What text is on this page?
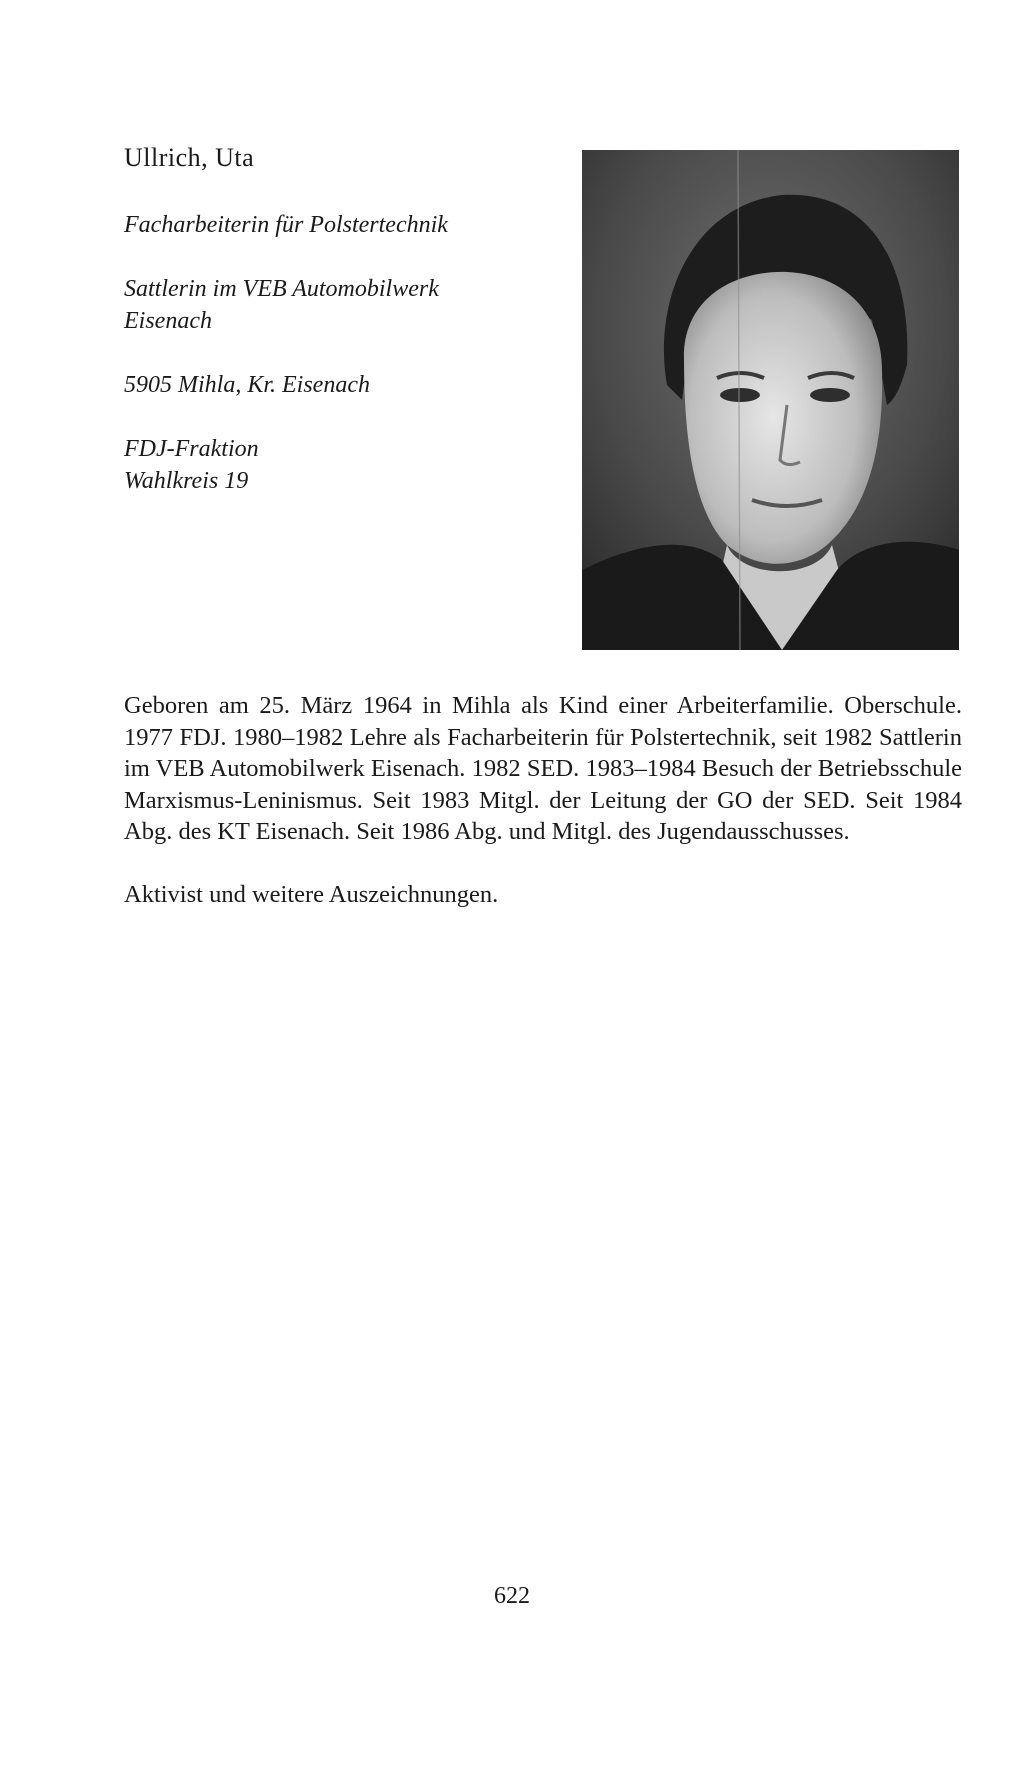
Ullrich, Uta

Facharbeiterin für Polstertechnik

Sattlerin im VEB Automobilwerk
Eisenach

5905 Mihla, Kr. Eisenach

FDJ-Fraktion
Wahlkreis 19

Geboren am 25. März 1964 in Mihla als Kind einer Arbeiterfamilie. Oberschule. 1977 FDJ. 1980–1982 Lehre als Facharbeiterin für Polstertechnik, seit 1982 Sattlerin im VEB Automobilwerk Eisenach. 1982 SED. 1983–1984 Besuch der Betriebsschule Marxismus-Leninismus. Seit 1983 Mitgl. der Leitung der GO der SED. Seit 1984 Abg. des KT Eisenach. Seit 1986 Abg. und Mitgl. des Jugendausschusses.

Aktivist und weitere Auszeichnungen.

622
